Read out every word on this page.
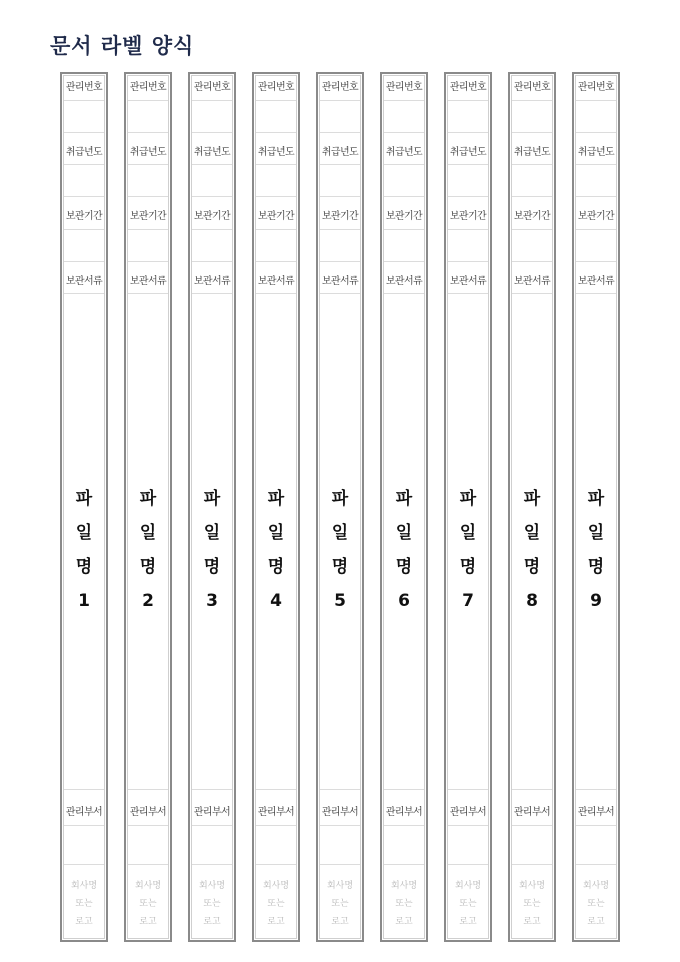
문서 라벨 양식
관리번호
취급년도
보관기간
보관서류
관리부서
파
일
명
1
회사명
또는
로고
관리번호
취급년도
보관기간
보관서류
관리부서
파
일
명
2
회사명
또는
로고
관리번호
취급년도
보관기간
보관서류
관리부서
파
일
명
3
회사명
또는
로고
관리번호
취급년도
보관기간
보관서류
관리부서
파
일
명
4
회사명
또는
로고
관리번호
취급년도
보관기간
보관서류
관리부서
파
일
명
5
회사명
또는
로고
관리번호
취급년도
보관기간
보관서류
관리부서
파
일
명
6
회사명
또는
로고
관리번호
취급년도
보관기간
보관서류
관리부서
파
일
명
7
회사명
또는
로고
관리번호
취급년도
보관기간
보관서류
관리부서
파
일
명
8
회사명
또는
로고
관리번호
취급년도
보관기간
보관서류
관리부서
파
일
명
9
회사명
또는
로고
